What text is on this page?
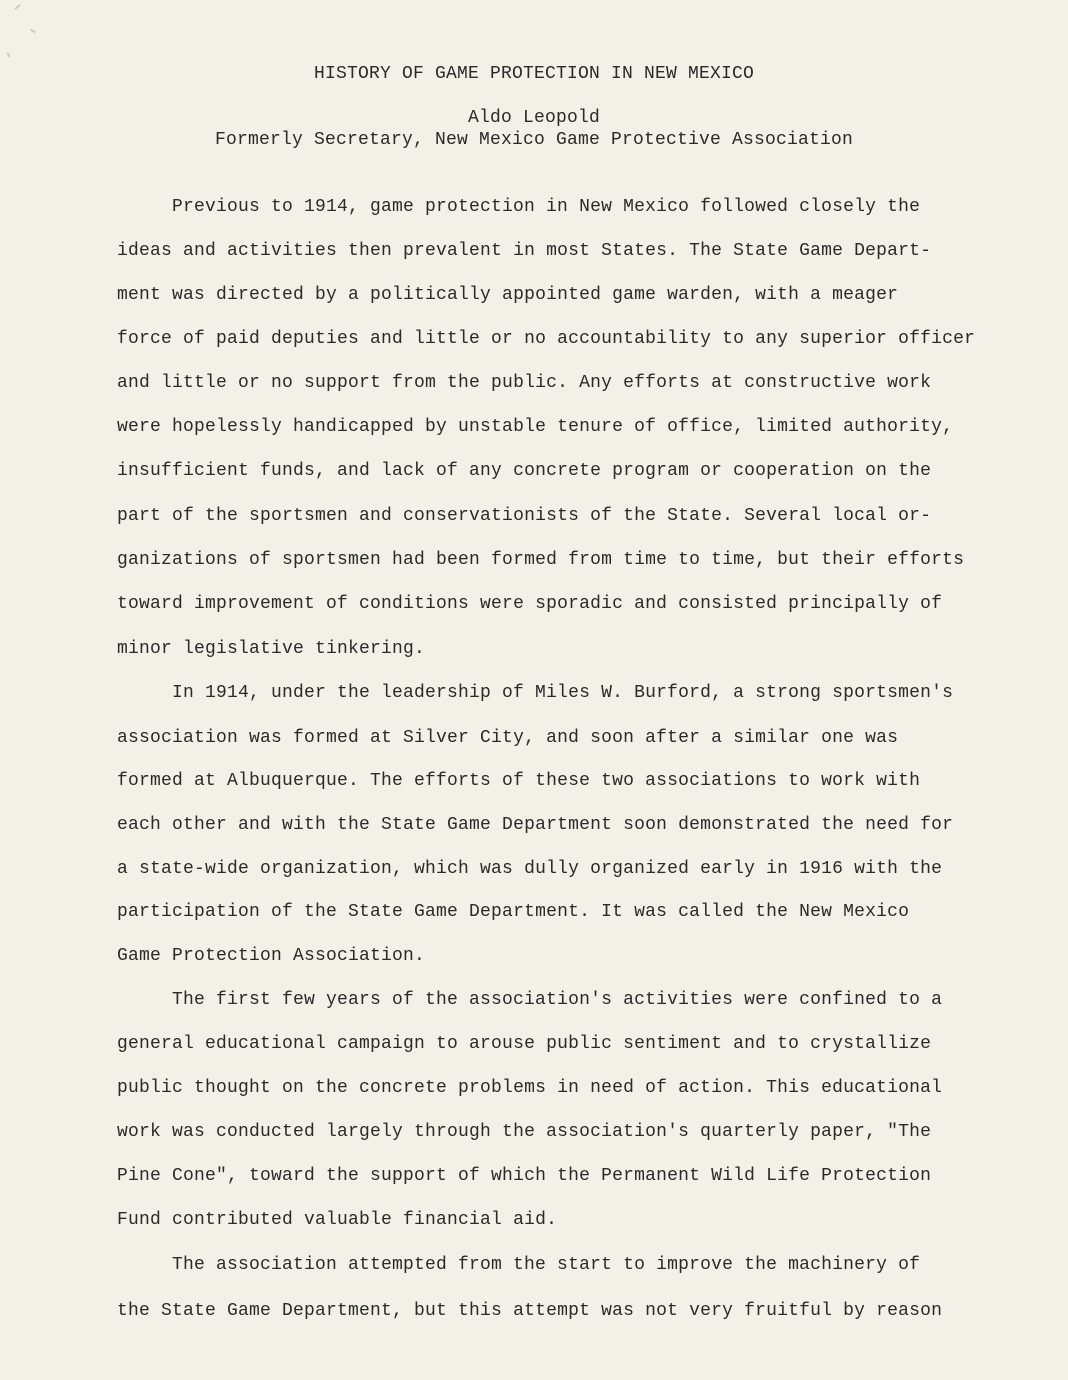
HISTORY OF GAME PROTECTION IN NEW MEXICO
Aldo Leopold
Formerly Secretary, New Mexico Game Protective Association
Previous to 1914, game protection in New Mexico followed closely the
ideas and activities then prevalent in most States. The State Game Depart-
ment was directed by a politically appointed game warden, with a meager
force of paid deputies and little or no accountability to any superior officer
and little or no support from the public. Any efforts at constructive work
were hopelessly handicapped by unstable tenure of office, limited authority,
insufficient funds, and lack of any concrete program or cooperation on the
part of the sportsmen and conservationists of the State. Several local or-
ganizations of sportsmen had been formed from time to time, but their efforts
toward improvement of conditions were sporadic and consisted principally of
minor legislative tinkering.
In 1914, under the leadership of Miles W. Burford, a strong sportsmen's
association was formed at Silver City, and soon after a similar one was
formed at Albuquerque. The efforts of these two associations to work with
each other and with the State Game Department soon demonstrated the need for
a state-wide organization, which was dully organized early in 1916 with the
participation of the State Game Department. It was called the New Mexico
Game Protection Association.
The first few years of the association's activities were confined to a
general educational campaign to arouse public sentiment and to crystallize
public thought on the concrete problems in need of action. This educational
work was conducted largely through the association's quarterly paper, "The
Pine Cone", toward the support of which the Permanent Wild Life Protection
Fund contributed valuable financial aid.
The association attempted from the start to improve the machinery of
the State Game Department, but this attempt was not very fruitful by reason
